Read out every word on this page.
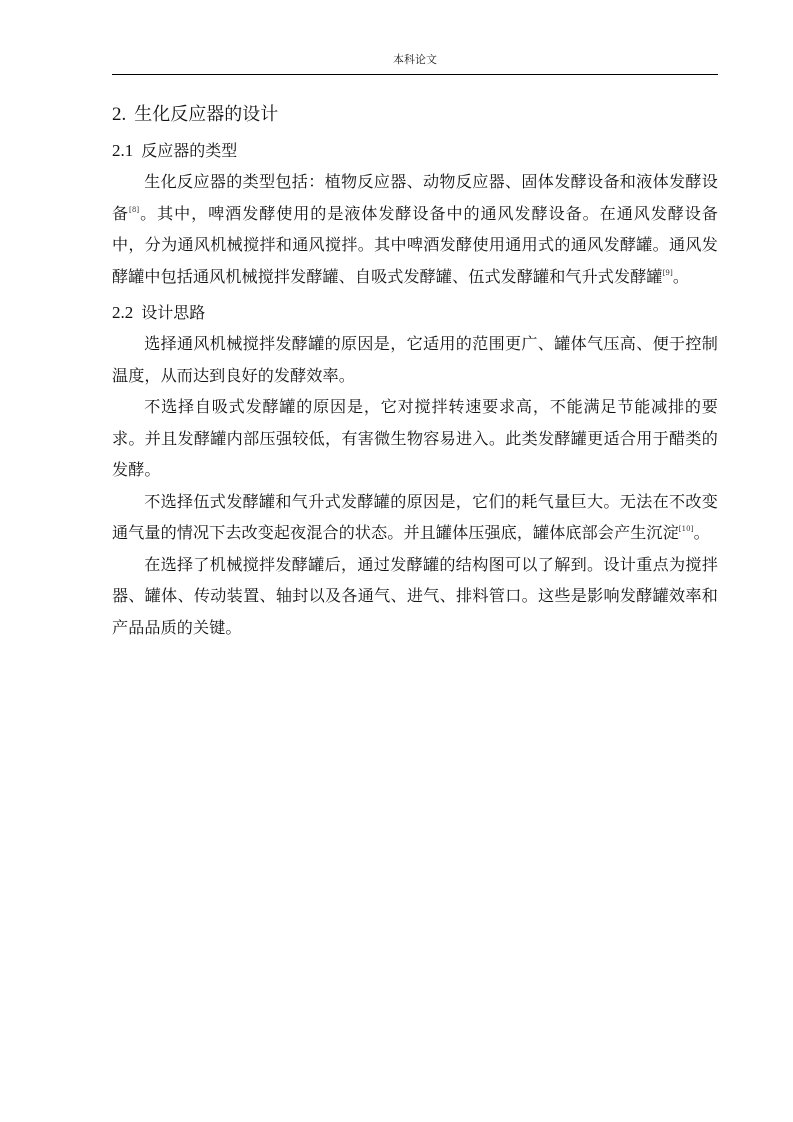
本科论文
2. 生化反应器的设计
2.1 反应器的类型

生化反应器的类型包括：植物反应器、动物反应器、固体发酵设备和液体发酵设备[8]。其中，啤酒发酵使用的是液体发酵设备中的通风发酵设备。在通风发酵设备中，分为通风机械搅拌和通风搅拌。其中啤酒发酵使用通用式的通风发酵罐。通风发酵罐中包括通风机械搅拌发酵罐、自吸式发酵罐、伍式发酵罐和气升式发酵罐[9]。

2.2 设计思路

选择通风机械搅拌发酵罐的原因是，它适用的范围更广、罐体气压高、便于控制温度，从而达到良好的发酵效率。

不选择自吸式发酵罐的原因是，它对搅拌转速要求高，不能满足节能减排的要求。并且发酵罐内部压强较低，有害微生物容易进入。此类发酵罐更适合用于醋类的发酵。

不选择伍式发酵罐和气升式发酵罐的原因是，它们的耗气量巨大。无法在不改变通气量的情况下去改变起夜混合的状态。并且罐体压强底，罐体底部会产生沉淀[10]。

在选择了机械搅拌发酵罐后，通过发酵罐的结构图可以了解到。设计重点为搅拌器、罐体、传动装置、轴封以及各通气、进气、排料管口。这些是影响发酵罐效率和产品品质的关键。
